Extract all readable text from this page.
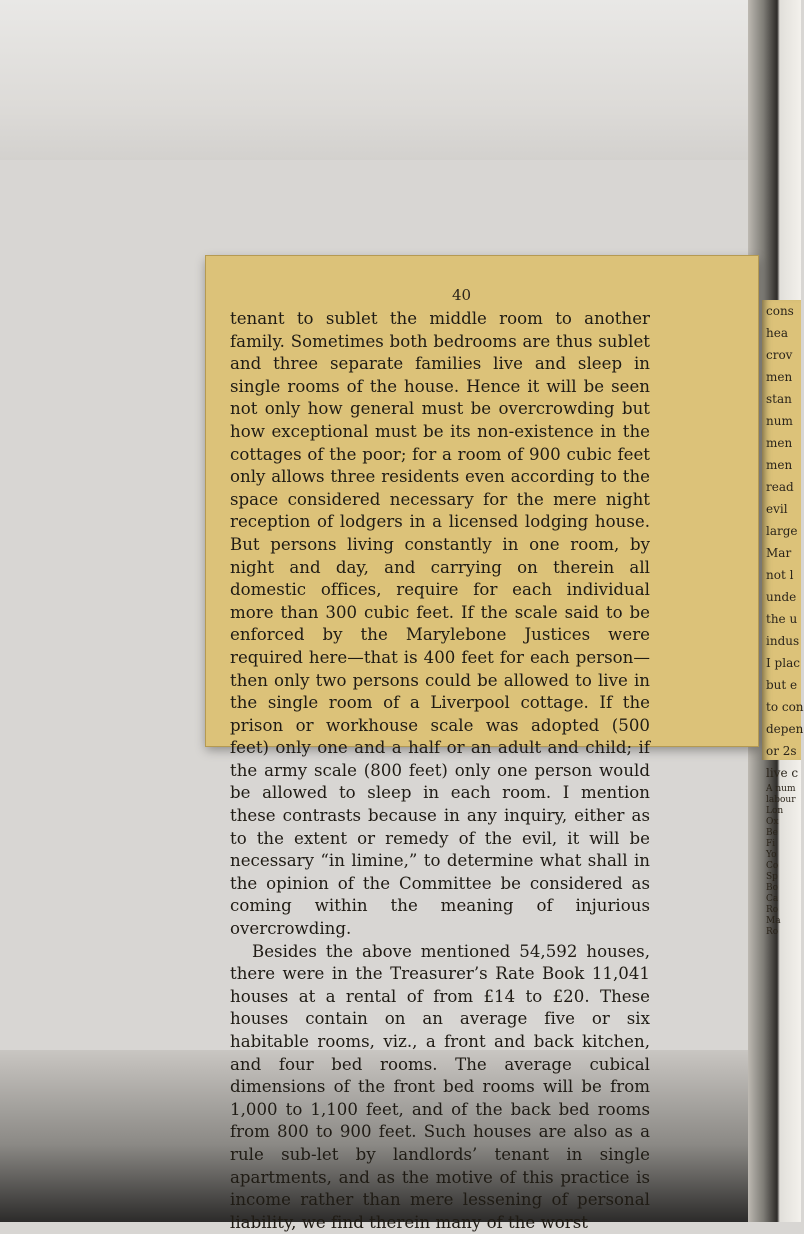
40

tenant to sublet the middle room to another family. Sometimes both bedrooms are thus sublet and three separate families live and sleep in single rooms of the house. Hence it will be seen not only how general must be overcrowding but how exceptional must be its non-existence in the cottages of the poor; for a room of 900 cubic feet only allows three residents even according to the space considered necessary for the mere night reception of lodgers in a licensed lodging house. But persons living constantly in one room, by night and day, and carrying on therein all domestic offices, require for each individual more than 300 cubic feet. If the scale said to be enforced by the Marylebone Justices were required here—that is 400 feet for each person—then only two persons could be allowed to live in the single room of a Liverpool cottage. If the prison or workhouse scale was adopted (500 feet) only one and a half or an adult and child; if the army scale (800 feet) only one person would be allowed to sleep in each room. I mention these contrasts because in any inquiry, either as to the extent or remedy of the evil, it will be necessary “in limine,” to determine what shall in the opinion of the Committee be considered as coming within the meaning of injurious overcrowding.

Besides the above mentioned 54,592 houses, there were in the Treasurer’s Rate Book 11,041 houses at a rental of from £14 to £20. These houses contain on an average five or six habitable rooms, viz., a front and back kitchen, and four bed rooms. The average cubical dimensions of the front bed rooms will be from 1,000 to 1,100 feet, and of the back bed rooms from 800 to 900 feet. Such houses are also as a rule sub-let by landlords’ tenant in single apartments, and as the motive of this practice is income rather than mere lessening of personal liability, we find therein many of the worst

cons
hea
crov
men
stan
num
men
men
read
evil
large
Mar
not l
unde
the u
indus
I plac
but e
to con
depen
or 2s
live c
A num
labour
Lon
Ox
Be
Fi
Yo
Co
Sp
Bo
Ca
Ro
Ma
Ro
